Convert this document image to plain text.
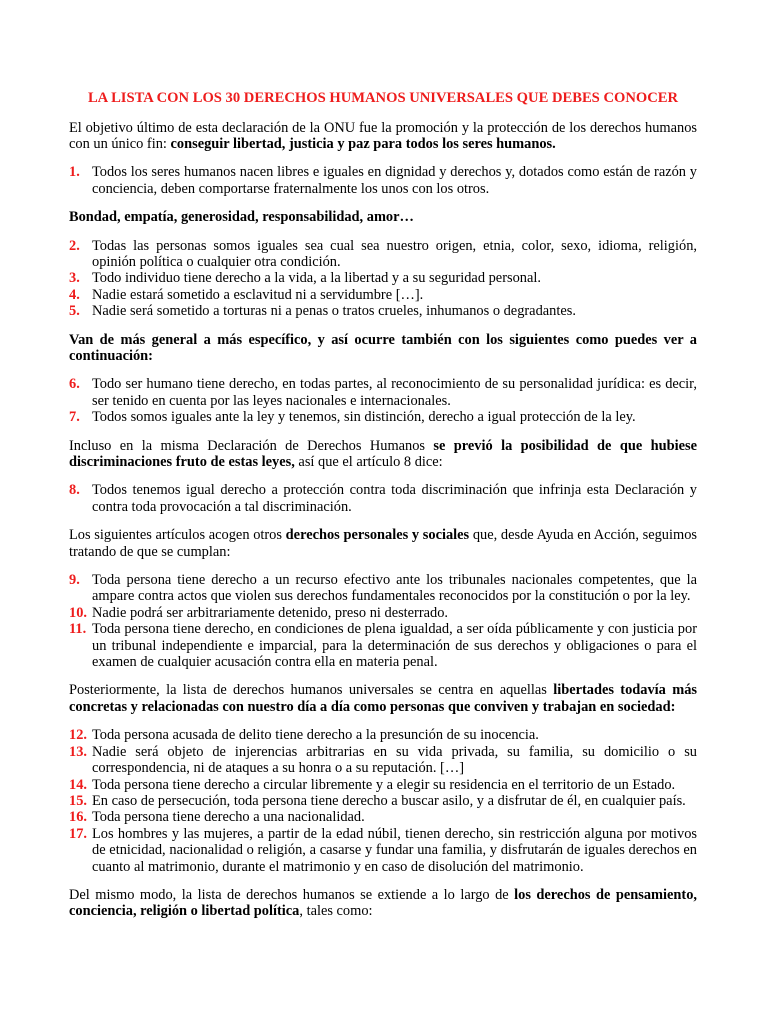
LA LISTA CON LOS 30 DERECHOS HUMANOS UNIVERSALES QUE DEBES CONOCER

El objetivo último de esta declaración de la ONU fue la promoción y la protección de los derechos humanos con un único fin: conseguir libertad, justicia y paz para todos los seres humanos.

1. Todos los seres humanos nacen libres e iguales en dignidad y derechos y, dotados como están de razón y conciencia, deben comportarse fraternalmente los unos con los otros.

Bondad, empatía, generosidad, responsabilidad, amor…

2. Todas las personas somos iguales sea cual sea nuestro origen, etnia, color, sexo, idioma, religión, opinión política o cualquier otra condición.
3. Todo individuo tiene derecho a la vida, a la libertad y a su seguridad personal.
4. Nadie estará sometido a esclavitud ni a servidumbre […].
5. Nadie será sometido a torturas ni a penas o tratos crueles, inhumanos o degradantes.

Van de más general a más específico, y así ocurre también con los siguientes como puedes ver a continuación:

6. Todo ser humano tiene derecho, en todas partes, al reconocimiento de su personalidad jurídica: es decir, ser tenido en cuenta por las leyes nacionales e internacionales.
7. Todos somos iguales ante la ley y tenemos, sin distinción, derecho a igual protección de la ley.

Incluso en la misma Declaración de Derechos Humanos se previó la posibilidad de que hubiese discriminaciones fruto de estas leyes, así que el artículo 8 dice:

8. Todos tenemos igual derecho a protección contra toda discriminación que infrinja esta Declaración y contra toda provocación a tal discriminación.

Los siguientes artículos acogen otros derechos personales y sociales que, desde Ayuda en Acción, seguimos tratando de que se cumplan:

9. Toda persona tiene derecho a un recurso efectivo ante los tribunales nacionales competentes, que la ampare contra actos que violen sus derechos fundamentales reconocidos por la constitución o por la ley.
10. Nadie podrá ser arbitrariamente detenido, preso ni desterrado.
11. Toda persona tiene derecho, en condiciones de plena igualdad, a ser oída públicamente y con justicia por un tribunal independiente e imparcial, para la determinación de sus derechos y obligaciones o para el examen de cualquier acusación contra ella en materia penal.

Posteriormente, la lista de derechos humanos universales se centra en aquellas libertades todavía más concretas y relacionadas con nuestro día a día como personas que conviven y trabajan en sociedad:

12. Toda persona acusada de delito tiene derecho a la presunción de su inocencia.
13. Nadie será objeto de injerencias arbitrarias en su vida privada, su familia, su domicilio o su correspondencia, ni de ataques a su honra o a su reputación. […]
14. Toda persona tiene derecho a circular libremente y a elegir su residencia en el territorio de un Estado.
15. En caso de persecución, toda persona tiene derecho a buscar asilo, y a disfrutar de él, en cualquier país.
16. Toda persona tiene derecho a una nacionalidad.
17. Los hombres y las mujeres, a partir de la edad núbil, tienen derecho, sin restricción alguna por motivos de etnicidad, nacionalidad o religión, a casarse y fundar una familia, y disfrutarán de iguales derechos en cuanto al matrimonio, durante el matrimonio y en caso de disolución del matrimonio.

Del mismo modo, la lista de derechos humanos se extiende a lo largo de los derechos de pensamiento, conciencia, religión o libertad política, tales como:
